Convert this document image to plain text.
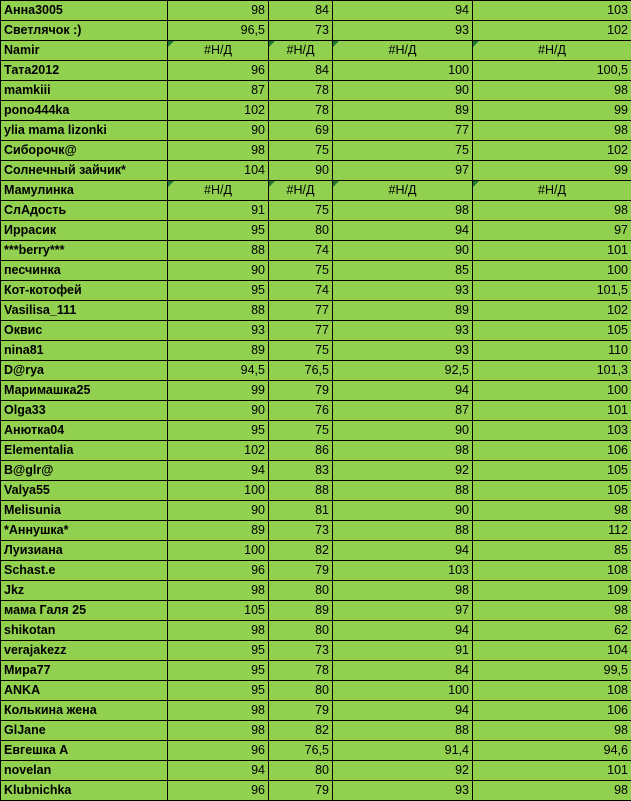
Анна3005	98	84	94	103
Светлячок :)	96,5	73	93	102
Namir	#Н/Д	#Н/Д	#Н/Д	#Н/Д
Тата2012	96	84	100	100,5
mamkiii	87	78	90	98
pono444ka	102	78	89	99
ylia mama lizonki	90	69	77	98
Сиборочк@	98	75	75	102
Солнечный зайчик*	104	90	97	99
Мамулинка	#Н/Д	#Н/Д	#Н/Д	#Н/Д
СлАдость	91	75	98	98
Иррасик	95	80	94	97
***berry***	88	74	90	101
песчинка	90	75	85	100
Кот-котофей	95	74	93	101,5
Vasilisa_111	88	77	89	102
Оквис	93	77	93	105
nina81	89	75	93	110
D@rya	94,5	76,5	92,5	101,3
Маримашка25	99	79	94	100
Olga33	90	76	87	101
Анютка04	95	75	90	103
Elementalia	102	86	98	106
B@glr@	94	83	92	105
Valya55	100	88	88	105
Melisunia	90	81	90	98
*Аннушка*	89	73	88	112
Луизиана	100	82	94	85
Schast.e	96	79	103	108
Jkz	98	80	98	109
мама Галя 25	105	89	97	98
shikotan	98	80	94	62
verajakezz	95	73	91	104
Мира77	95	78	84	99,5
ANKA	95	80	100	108
Колькина жена	98	79	94	106
GlJane	98	82	88	98
Евгешка А	96	76,5	91,4	94,6
novelan	94	80	92	101
Klubnichka	96	79	93	98
